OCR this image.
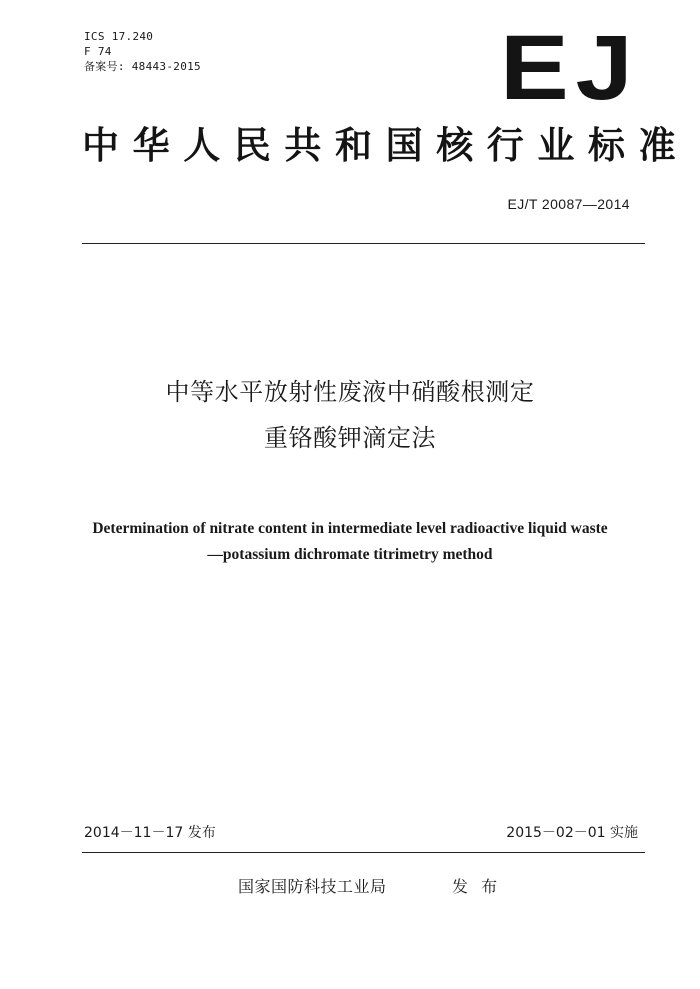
ICS 17.240
F 74
备案号: 48443-2015	EJ
中华人民共和国核行业标准
EJ/T 20087—2014
中等水平放射性废液中硝酸根测定
重铬酸钾滴定法
Determination of nitrate content in intermediate level radioactive liquid waste
—potassium dichromate titrimetry method
2014－11－17 发布	2015－02－01 实施
国家国防科技工业局	发 布
